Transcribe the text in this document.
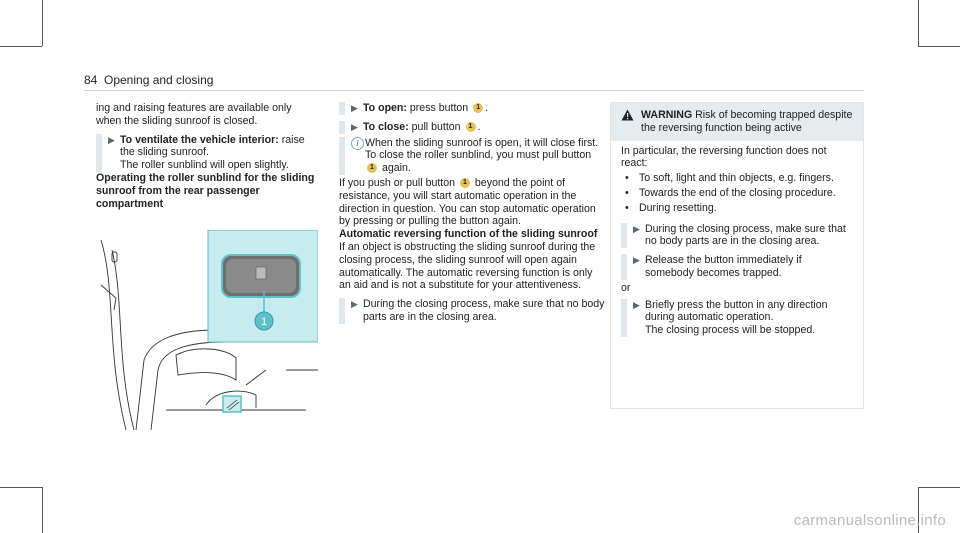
84 Opening and closing

ing and raising features are available only when the sliding sunroof is closed.

▶ To ventilate the vehicle interior: raise the sliding sunroof.
The roller sunblind will open slightly.

Operating the roller sunblind for the sliding sunroof from the rear passenger compartment

1
▶ To open: press button 1 .
▶ To close: pull button 1 .
i When the sliding sunroof is open, it will close first. To close the roller sunblind, you must pull button 1 again.

If you push or pull button 1 beyond the point of resistance, you will start automatic operation in the direction in question. You can stop automatic operation by pressing or pulling the button again.

Automatic reversing function of the sliding sunroof

If an object is obstructing the sliding sunroof during the closing process, the sliding sunroof will open again automatically. The automatic reversing function is only an aid and is not a substitute for your attentiveness.

▶ During the closing process, make sure that no body parts are in the closing area.
WARNING Risk of becoming trapped despite the reversing function being active

In particular, the reversing function does not react:

• To soft, light and thin objects, e.g. fingers.
• Towards the end of the closing procedure.
• During resetting.
▶ During the closing process, make sure that no body parts are in the closing area.
▶ Release the button immediately if somebody becomes trapped.

or

▶ Briefly press the button in any direction during automatic operation.
The closing process will be stopped.
carmanualsonline.info
